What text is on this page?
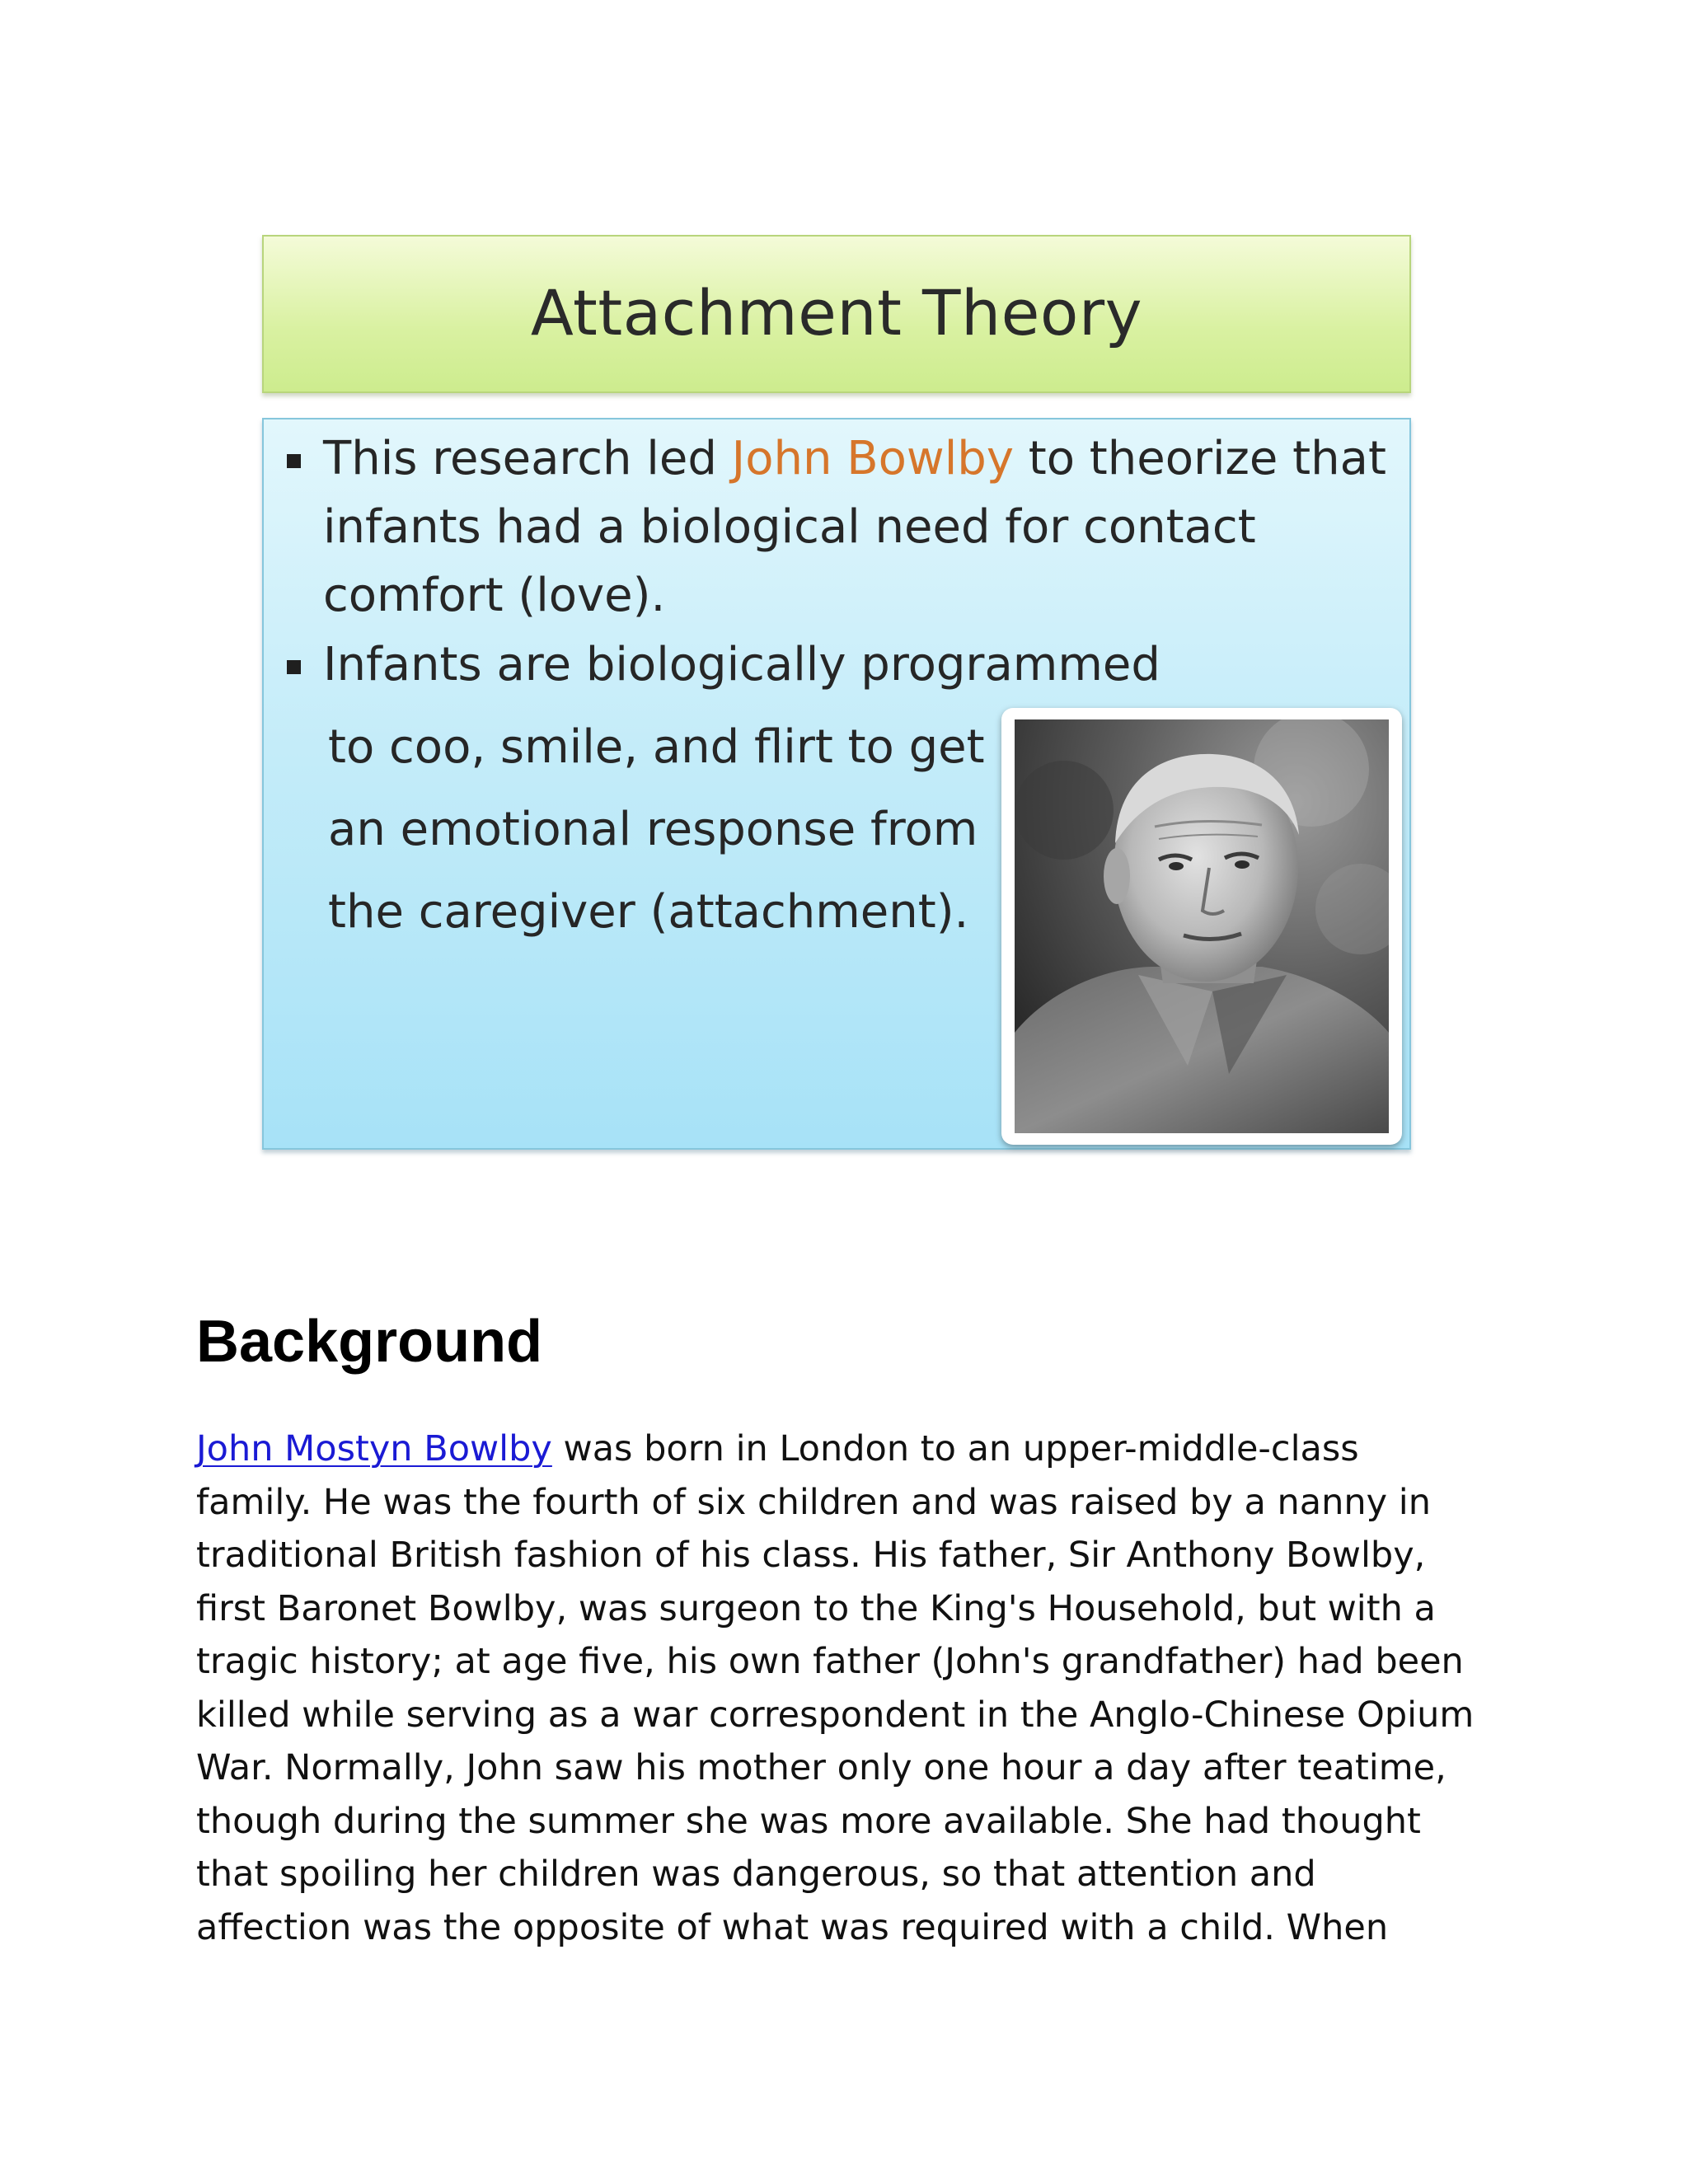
Attachment Theory
This research led John Bowlby to theorize that
infants had a biological need for contact
comfort (love).
Infants are biologically programmed
to coo, smile, and flirt to get
an emotional response from
the caregiver (attachment).
Background
John Mostyn Bowlby was born in London to an upper-middle-class
family. He was the fourth of six children and was raised by a nanny in
traditional British fashion of his class. His father, Sir Anthony Bowlby,
first Baronet Bowlby, was surgeon to the King's Household, but with a
tragic history; at age five, his own father (John's grandfather) had been
killed while serving as a war correspondent in the Anglo-Chinese Opium
War. Normally, John saw his mother only one hour a day after teatime,
though during the summer she was more available. She had thought
that spoiling her children was dangerous, so that attention and
affection was the opposite of what was required with a child. When
